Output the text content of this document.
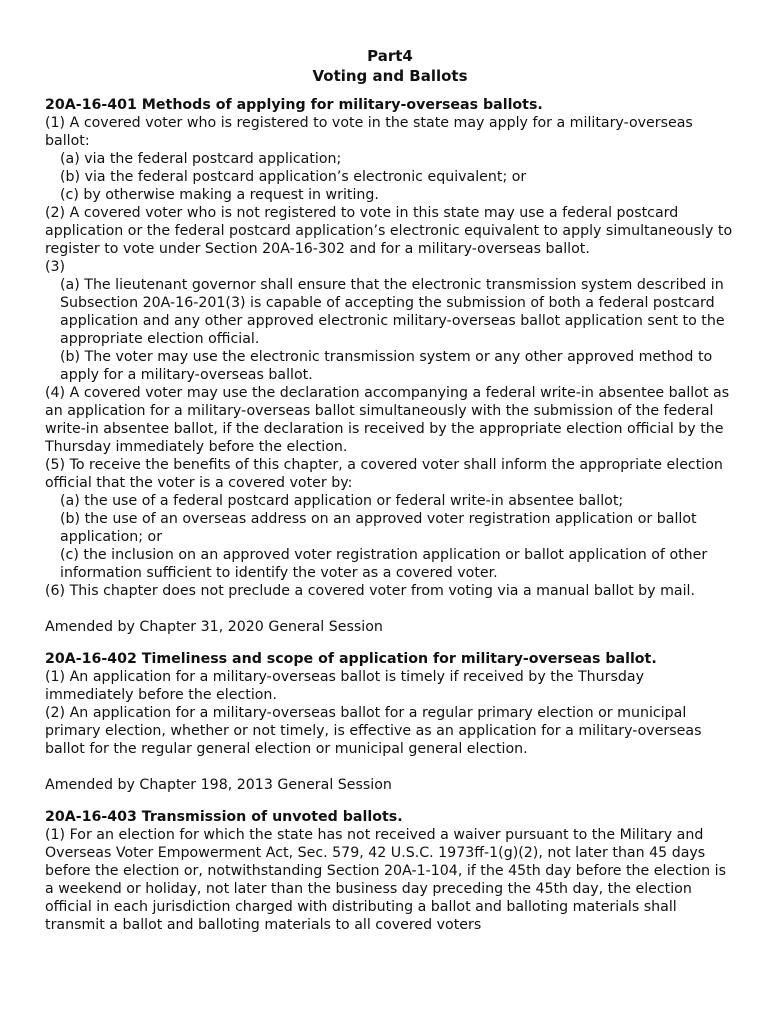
Part4

Voting and Ballots

20A-16-401 Methods of applying for military-overseas ballots.

(1) A covered voter who is registered to vote in the state may apply for a military-overseas ballot:

(a) via the federal postcard application;

(b) via the federal postcard application’s electronic equivalent; or

(c) by otherwise making a request in writing.

(2) A covered voter who is not registered to vote in this state may use a federal postcard application or the federal postcard application’s electronic equivalent to apply simultaneously to register to vote under Section 20A-16-302 and for a military-overseas ballot.

(3)

(a) The lieutenant governor shall ensure that the electronic transmission system described in Subsection 20A-16-201(3) is capable of accepting the submission of both a federal postcard application and any other approved electronic military-overseas ballot application sent to the appropriate election official.

(b) The voter may use the electronic transmission system or any other approved method to apply for a military-overseas ballot.

(4) A covered voter may use the declaration accompanying a federal write-in absentee ballot as an application for a military-overseas ballot simultaneously with the submission of the federal write-in absentee ballot, if the declaration is received by the appropriate election official by the Thursday immediately before the election.

(5) To receive the benefits of this chapter, a covered voter shall inform the appropriate election official that the voter is a covered voter by:

(a) the use of a federal postcard application or federal write-in absentee ballot;

(b) the use of an overseas address on an approved voter registration application or ballot application; or

(c) the inclusion on an approved voter registration application or ballot application of other information sufficient to identify the voter as a covered voter.

(6) This chapter does not preclude a covered voter from voting via a manual ballot by mail.

Amended by Chapter 31, 2020 General Session

20A-16-402 Timeliness and scope of application for military-overseas ballot.

(1) An application for a military-overseas ballot is timely if received by the Thursday immediately before the election.

(2) An application for a military-overseas ballot for a regular primary election or municipal primary election, whether or not timely, is effective as an application for a military-overseas ballot for the regular general election or municipal general election.

Amended by Chapter 198, 2013 General Session

20A-16-403 Transmission of unvoted ballots.

(1) For an election for which the state has not received a waiver pursuant to the Military and Overseas Voter Empowerment Act, Sec. 579, 42 U.S.C. 1973ff-1(g)(2), not later than 45 days before the election or, notwithstanding Section 20A-1-104, if the 45th day before the election is a weekend or holiday, not later than the business day preceding the 45th day, the election official in each jurisdiction charged with distributing a ballot and balloting materials shall transmit a ballot and balloting materials to all covered voters
